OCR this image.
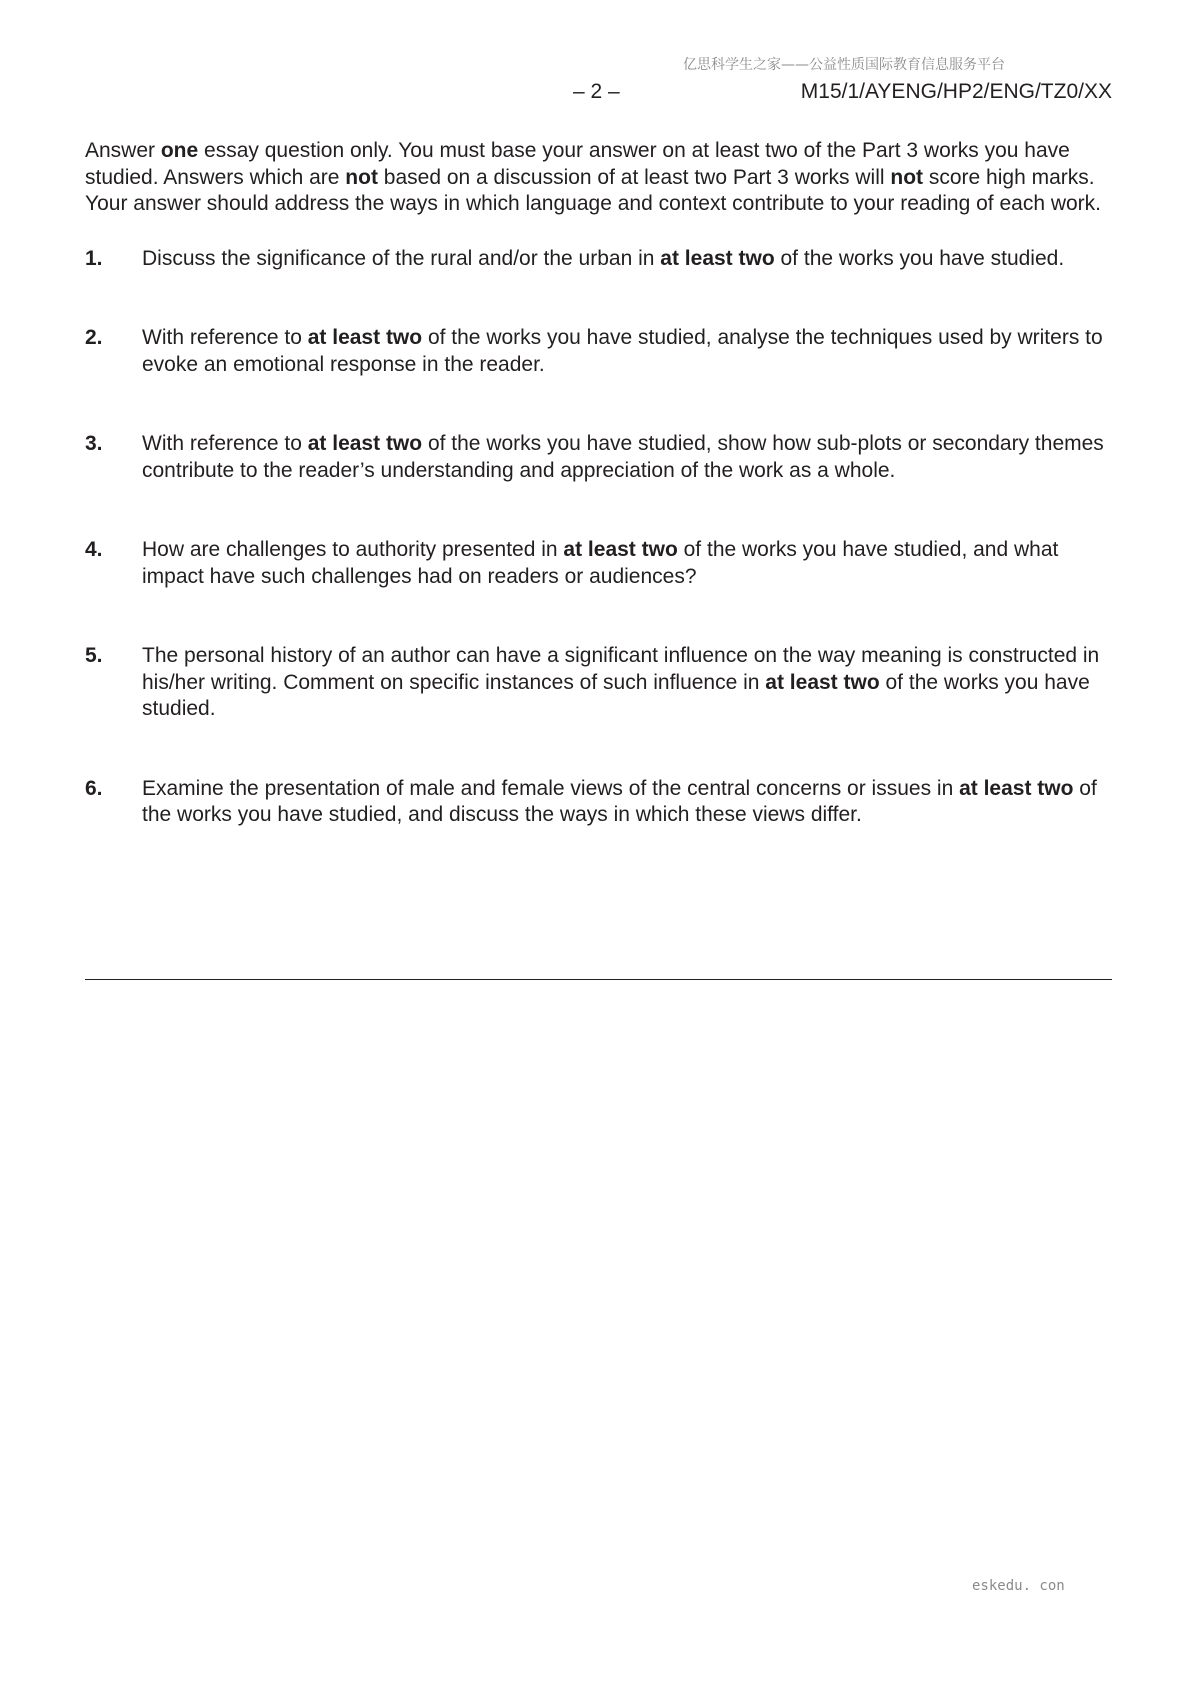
亿思科学生之家——公益性质国际教育信息服务平台
– 2 –	M15/1/AYENG/HP2/ENG/TZ0/XX

Answer one essay question only. You must base your answer on at least two of the Part 3 works you have studied. Answers which are not based on a discussion of at least two Part 3 works will not score high marks. Your answer should address the ways in which language and context contribute to your reading of each work.

1.	Discuss the significance of the rural and/or the urban in at least two of the works you have studied.
2.	With reference to at least two of the works you have studied, analyse the techniques used by writers to evoke an emotional response in the reader.
3.	With reference to at least two of the works you have studied, show how sub-plots or secondary themes contribute to the reader’s understanding and appreciation of the work as a whole.
4.	How are challenges to authority presented in at least two of the works you have studied, and what impact have such challenges had on readers or audiences?
5.	The personal history of an author can have a significant influence on the way meaning is constructed in his/her writing. Comment on specific instances of such influence in at least two of the works you have studied.
6.	Examine the presentation of male and female views of the central concerns or issues in at least two of the works you have studied, and discuss the ways in which these views differ.
eskedu. con
